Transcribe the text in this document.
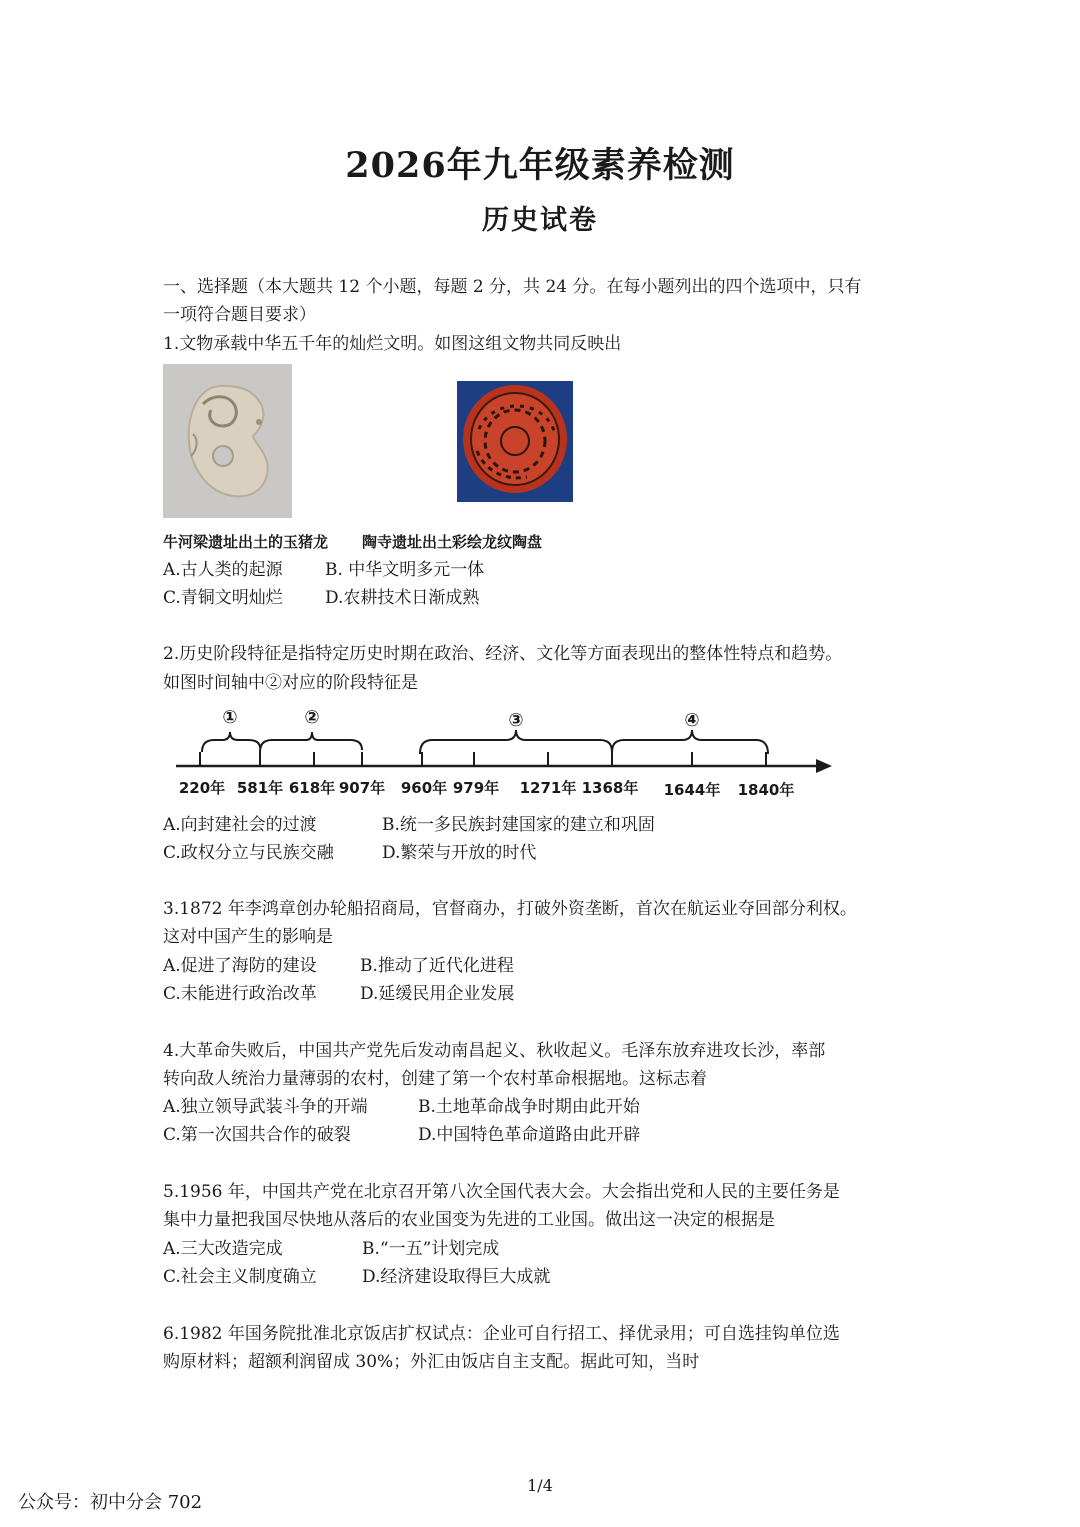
2026年九年级素养检测
历史试卷
一、选择题（本大题共 12 个小题，每题 2 分，共 24 分。在每小题列出的四个选项中，只有
一项符合题目要求）
1.文物承载中华五千年的灿烂文明。如图这组文物共同反映出
牛河梁遗址出土的玉猪龙 陶寺遗址出土彩绘龙纹陶盘
A.古人类的起源 B. 中华文明多元一体
C.青铜文明灿烂 D.农耕技术日渐成熟
2.历史阶段特征是指特定历史时期在政治、经济、文化等方面表现出的整体性特点和趋势。
如图时间轴中②对应的阶段特征是
①	②	③	④
220年 581年 618年 907年 960年 979年 1271年 1368年 1644年 1840年
A.向封建社会的过渡	B.统一多民族封建国家的建立和巩固
C.政权分立与民族交融	D.繁荣与开放的时代
3.1872 年李鸿章创办轮船招商局，官督商办，打破外资垄断，首次在航运业夺回部分利权。
这对中国产生的影响是
A.促进了海防的建设	B.推动了近代化进程
C.未能进行政治改革	D.延缓民用企业发展
4.大革命失败后，中国共产党先后发动南昌起义、秋收起义。毛泽东放弃进攻长沙，率部
转向敌人统治力量薄弱的农村，创建了第一个农村革命根据地。这标志着
A.独立领导武装斗争的开端	B.土地革命战争时期由此开始
C.第一次国共合作的破裂	D.中国特色革命道路由此开辟
5.1956 年，中国共产党在北京召开第八次全国代表大会。大会指出党和人民的主要任务是
集中力量把我国尽快地从落后的农业国变为先进的工业国。做出这一决定的根据是
A.三大改造完成	B.“一五”计划完成
C.社会主义制度确立	D.经济建设取得巨大成就
6.1982 年国务院批准北京饭店扩权试点：企业可自行招工、择优录用；可自选挂钩单位选
购原材料；超额利润留成 30%；外汇由饭店自主支配。据此可知，当时
1/4
公众号：初中分会 702
